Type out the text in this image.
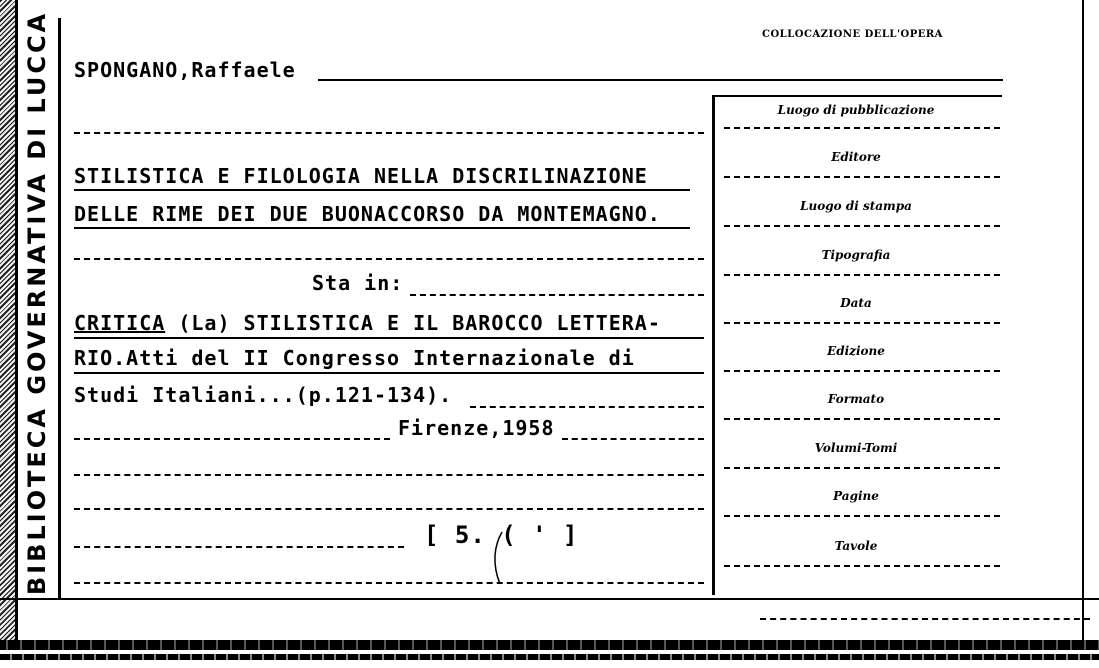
BIBLIOTECA GOVERNATIVA DI LUCCA	COLLOCAZIONE DELL'OPERA
SPONGANO,Raffaele
STILISTICA E FILOLOGIA NELLA DISCRILINAZIONE
DELLE RIME DEI DUE BUONACCORSO DA MONTEMAGNO.
Sta in:
CRITICA (La) STILISTICA E IL BAROCCO LETTERA-
RIO.Atti del II Congresso Internazionale di
Studi Italiani...(p.121-134).
Firenze,1958
[ 5. ( ' ]
Luogo di pubblicazione
Editore
Luogo di stampa
Tipografia
Data
Edizione
Formato
Volumi-Tomi
Pagine
Tavole
